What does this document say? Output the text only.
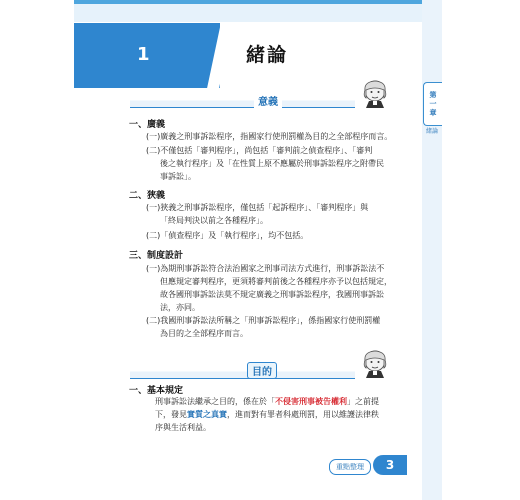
第
一
章
緒論
1	緒論
意義
一、廣義
(一)廣義之刑事訴訟程序，指國家行使刑罰權為目的之全部程序而言。
(二)不僅包括「審判程序」，尚包括「審判前之偵查程序」、「審判
後之執行程序」及「在性質上原不應屬於刑事訴訟程序之附帶民
事訴訟」。
二、狹義
(一)狹義之刑事訴訟程序，僅包括「起訴程序」、「審判程序」與
「終局判決以前之各種程序」。
(二)「偵查程序」及「執行程序」，均不包括。
三、制度設計
(一)為期刑事訴訟符合法治國家之刑事司法方式進行，刑事訴訟法不
但應規定審判程序，更須將審判前後之各種程序亦予以包括規定，
故各國刑事訴訟法莫不規定廣義之刑事訴訟程序，我國刑事訴訟
法，亦同。
(二)我國刑事訴訟法所稱之「刑事訴訟程序」，係指國家行使刑罰權
為目的之全部程序而言。
目的
一、基本規定
刑事訴訟法繼承之目的，係在於「不侵害刑事被告權利」之前提
下，發見實質之真實，進而對有罪者科處刑罰，用以維護法律秩
序與生活利益。
重點整理	3
